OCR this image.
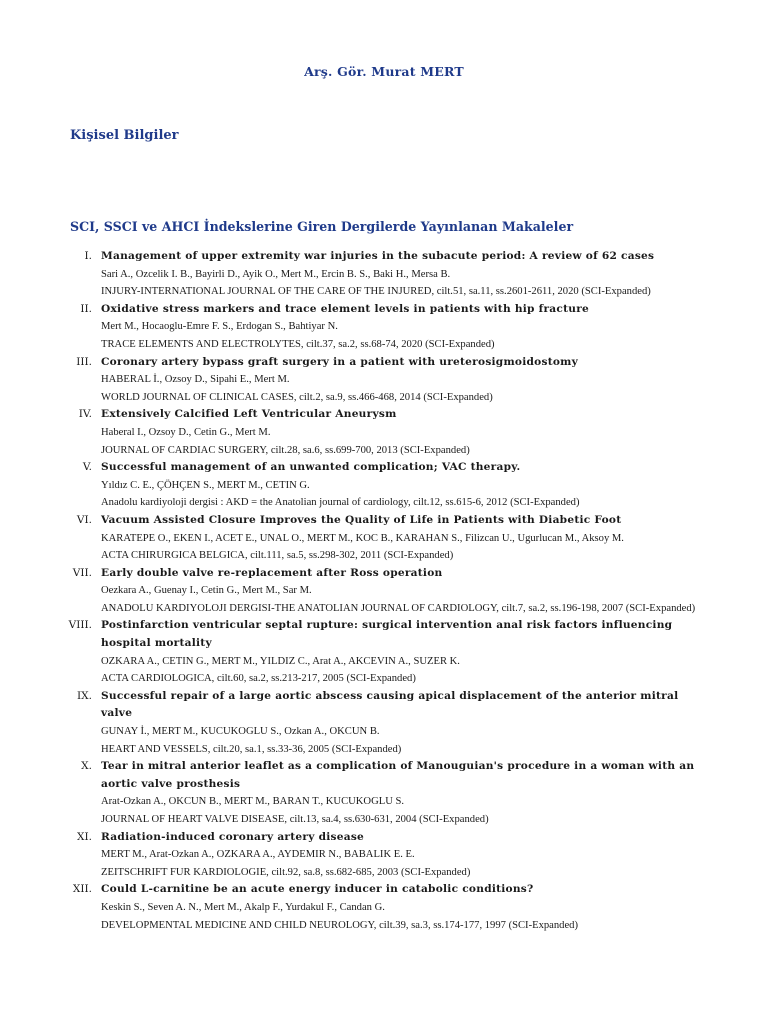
Arş. Gör. Murat MERT
Kişisel Bilgiler
SCI, SSCI ve AHCI İndekslerine Giren Dergilerde Yayınlanan Makaleler
I. Management of upper extremity war injuries in the subacute period: A review of 62 cases
Sari A., Ozcelik I. B., Bayirli D., Ayik O., Mert M., Ercin B. S., Baki H., Mersa B.
INJURY-INTERNATIONAL JOURNAL OF THE CARE OF THE INJURED, cilt.51, sa.11, ss.2601-2611, 2020 (SCI-Expanded)
II. Oxidative stress markers and trace element levels in patients with hip fracture
Mert M., Hocaoglu-Emre F. S., Erdogan S., Bahtiyar N.
TRACE ELEMENTS AND ELECTROLYTES, cilt.37, sa.2, ss.68-74, 2020 (SCI-Expanded)
III. Coronary artery bypass graft surgery in a patient with ureterosigmoidostomy
HABERAL İ., Ozsoy D., Sipahi E., Mert M.
WORLD JOURNAL OF CLINICAL CASES, cilt.2, sa.9, ss.466-468, 2014 (SCI-Expanded)
IV. Extensively Calcified Left Ventricular Aneurysm
Haberal I., Ozsoy D., Cetin G., Mert M.
JOURNAL OF CARDIAC SURGERY, cilt.28, sa.6, ss.699-700, 2013 (SCI-Expanded)
V. Successful management of an unwanted complication; VAC therapy.
Yıldız C. E., ÇÖHÇEN S., MERT M., CETIN G.
Anadolu kardiyoloji dergisi : AKD = the Anatolian journal of cardiology, cilt.12, ss.615-6, 2012 (SCI-Expanded)
VI. Vacuum Assisted Closure Improves the Quality of Life in Patients with Diabetic Foot
KARATEPE O., EKEN I., ACET E., UNAL O., MERT M., KOC B., KARAHAN S., Filizcan U., Ugurlucan M., Aksoy M.
ACTA CHIRURGICA BELGICA, cilt.111, sa.5, ss.298-302, 2011 (SCI-Expanded)
VII. Early double valve re-replacement after Ross operation
Oezkara A., Guenay I., Cetin G., Mert M., Sar M.
ANADOLU KARDIYOLOJI DERGISI-THE ANATOLIAN JOURNAL OF CARDIOLOGY, cilt.7, sa.2, ss.196-198, 2007 (SCI-Expanded)
VIII. Postinfarction ventricular septal rupture: surgical intervention anal risk factors influencing hospital mortality
OZKARA A., CETIN G., MERT M., YILDIZ C., Arat A., AKCEVIN A., SUZER K.
ACTA CARDIOLOGICA, cilt.60, sa.2, ss.213-217, 2005 (SCI-Expanded)
IX. Successful repair of a large aortic abscess causing apical displacement of the anterior mitral valve
GUNAY İ., MERT M., KUCUKOGLU S., Ozkan A., OKCUN B.
HEART AND VESSELS, cilt.20, sa.1, ss.33-36, 2005 (SCI-Expanded)
X. Tear in mitral anterior leaflet as a complication of Manouguian's procedure in a woman with an aortic valve prosthesis
Arat-Ozkan A., OKCUN B., MERT M., BARAN T., KUCUKOGLU S.
JOURNAL OF HEART VALVE DISEASE, cilt.13, sa.4, ss.630-631, 2004 (SCI-Expanded)
XI. Radiation-induced coronary artery disease
MERT M., Arat-Ozkan A., OZKARA A., AYDEMIR N., BABALIK E. E.
ZEITSCHRIFT FUR KARDIOLOGIE, cilt.92, sa.8, ss.682-685, 2003 (SCI-Expanded)
XII. Could L-carnitine be an acute energy inducer in catabolic conditions?
Keskin S., Seven A. N., Mert M., Akalp F., Yurdakul F., Candan G.
DEVELOPMENTAL MEDICINE AND CHILD NEUROLOGY, cilt.39, sa.3, ss.174-177, 1997 (SCI-Expanded)
